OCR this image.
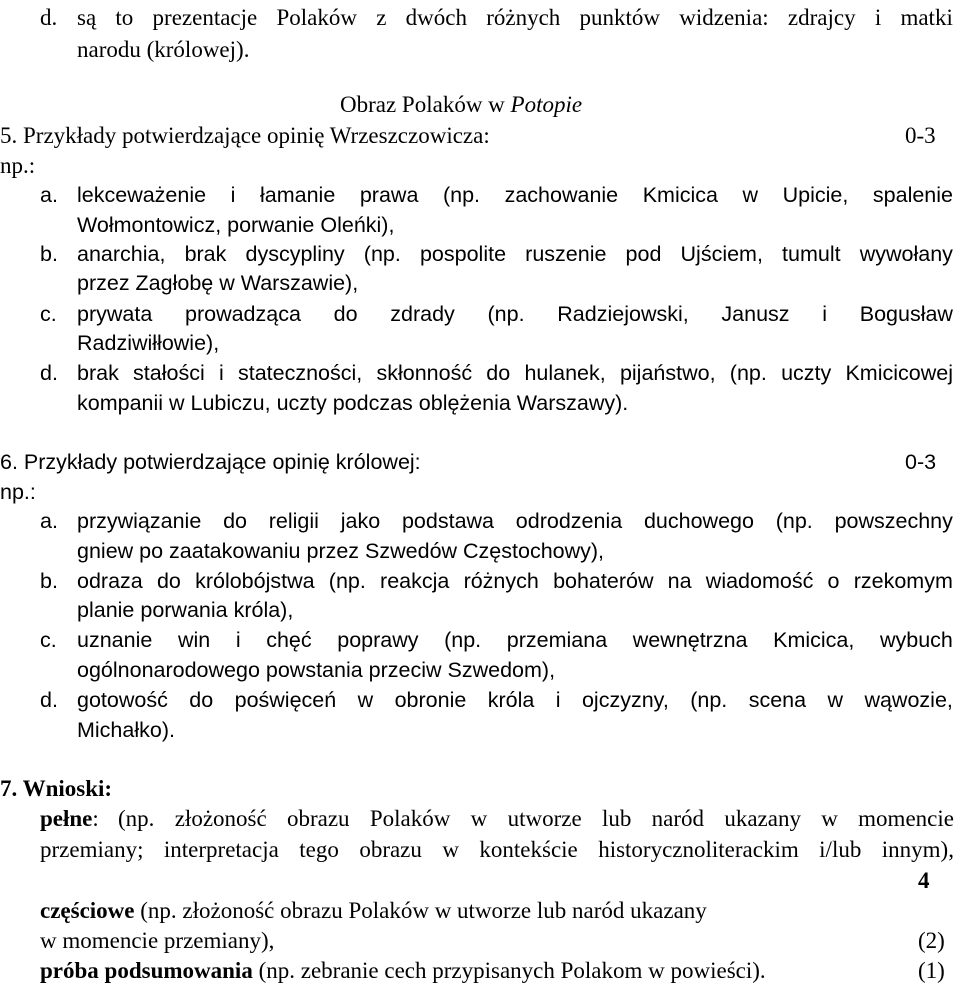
d. są to prezentacje Polaków z dwóch różnych punktów widzenia: zdrajcy i matki
narodu (królowej).
Obraz Polaków w Potopie
5. Przykłady potwierdzające opinię Wrzeszczowicza:	0-3
np.:
a. lekceważenie i łamanie prawa (np. zachowanie Kmicica w Upicie, spalenie
Wołmontowicz, porwanie Oleńki),
b. anarchia, brak dyscypliny (np. pospolite ruszenie pod Ujściem, tumult wywołany
przez Zagłobę w Warszawie),
c. prywata prowadząca do zdrady (np. Radziejowski, Janusz i Bogusław
Radziwiłłowie),
d. brak stałości i stateczności, skłonność do hulanek, pijaństwo, (np. uczty Kmicicowej
kompanii w Lubiczu, uczty podczas oblężenia Warszawy).
6. Przykłady potwierdzające opinię królowej:	0-3
np.:
a. przywiązanie do religii jako podstawa odrodzenia duchowego (np. powszechny
gniew po zaatakowaniu przez Szwedów Częstochowy),
b. odraza do królobójstwa (np. reakcja różnych bohaterów na wiadomość o rzekomym
planie porwania króla),
c. uznanie win i chęć poprawy (np. przemiana wewnętrzna Kmicica, wybuch
ogólnonarodowego powstania przeciw Szwedom),
d. gotowość do poświęceń w obronie króla i ojczyzny, (np. scena w wąwozie,
Michałko).
7. Wnioski:
pełne: (np. złożoność obrazu Polaków w utworze lub naród ukazany w momencie
przemiany; interpretacja tego obrazu w kontekście historycznoliterackim i/lub innym),
4
częściowe (np. złożoność obrazu Polaków w utworze lub naród ukazany
w momencie przemiany),	(2)
próba podsumowania (np. zebranie cech przypisanych Polakom w powieści).	(1)
